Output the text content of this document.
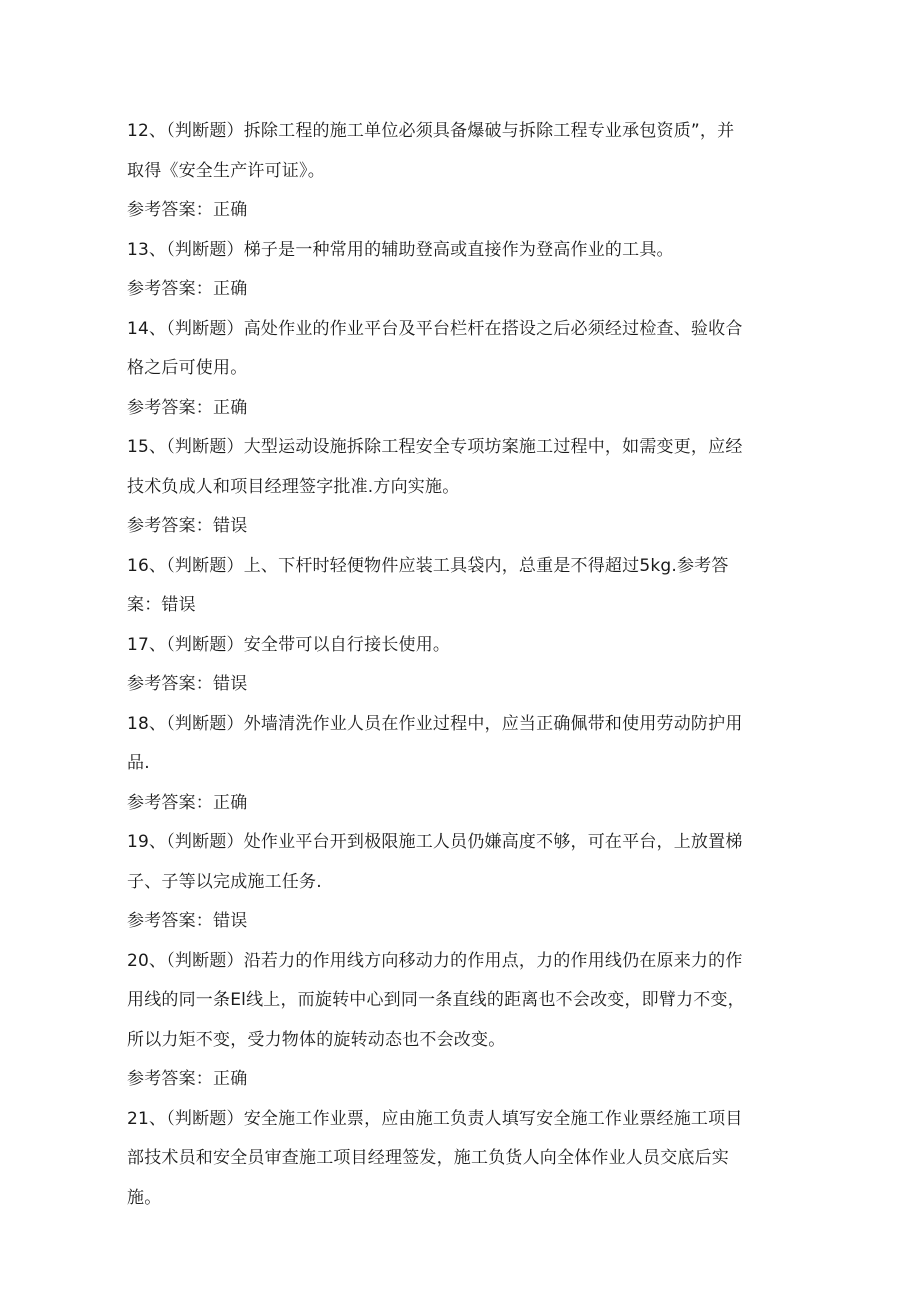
12、（判断题）拆除工程的施工单位必须具备爆破与拆除工程专业承包资质”，并
取得《安全生产许可证》。
参考答案：正确
13、（判断题）梯子是一种常用的辅助登高或直接作为登高作业的工具。
参考答案：正确
14、（判断题）高处作业的作业平台及平台栏杆在搭设之后必须经过检查、验收合
格之后可使用。
参考答案：正确
15、（判断题）大型运动设施拆除工程安全专项坊案施工过程中，如需变更，应经
技术负成人和项目经理签字批准.方向实施。
参考答案：错误
16、（判断题）上、下杆时轻便物件应装工具袋内，总重是不得超过5kg.参考答
案：错误
17、（判断题）安全带可以自行接长使用。
参考答案：错误
18、（判断题）外墙清洗作业人员在作业过程中，应当正确佩带和使用劳动防护用
品.
参考答案：正确
19、（判断题）处作业平台开到极限施工人员仍嫌高度不够，可在平台，上放置梯
子、子等以完成施工任务.
参考答案：错误
20、（判断题）沿若力的作用线方向移动力的作用点，力的作用线仍在原来力的作
用线的同一条El线上，而旋转中心到同一条直线的距离也不会改变，即臂力不变，
所以力矩不变，受力物体的旋转动态也不会改变。
参考答案：正确
21、（判断题）安全施工作业票，应由施工负责人填写安全施工作业票经施工项目
部技术员和安全员审查施工项目经理签发，施工负货人向全体作业人员交底后实
施。
